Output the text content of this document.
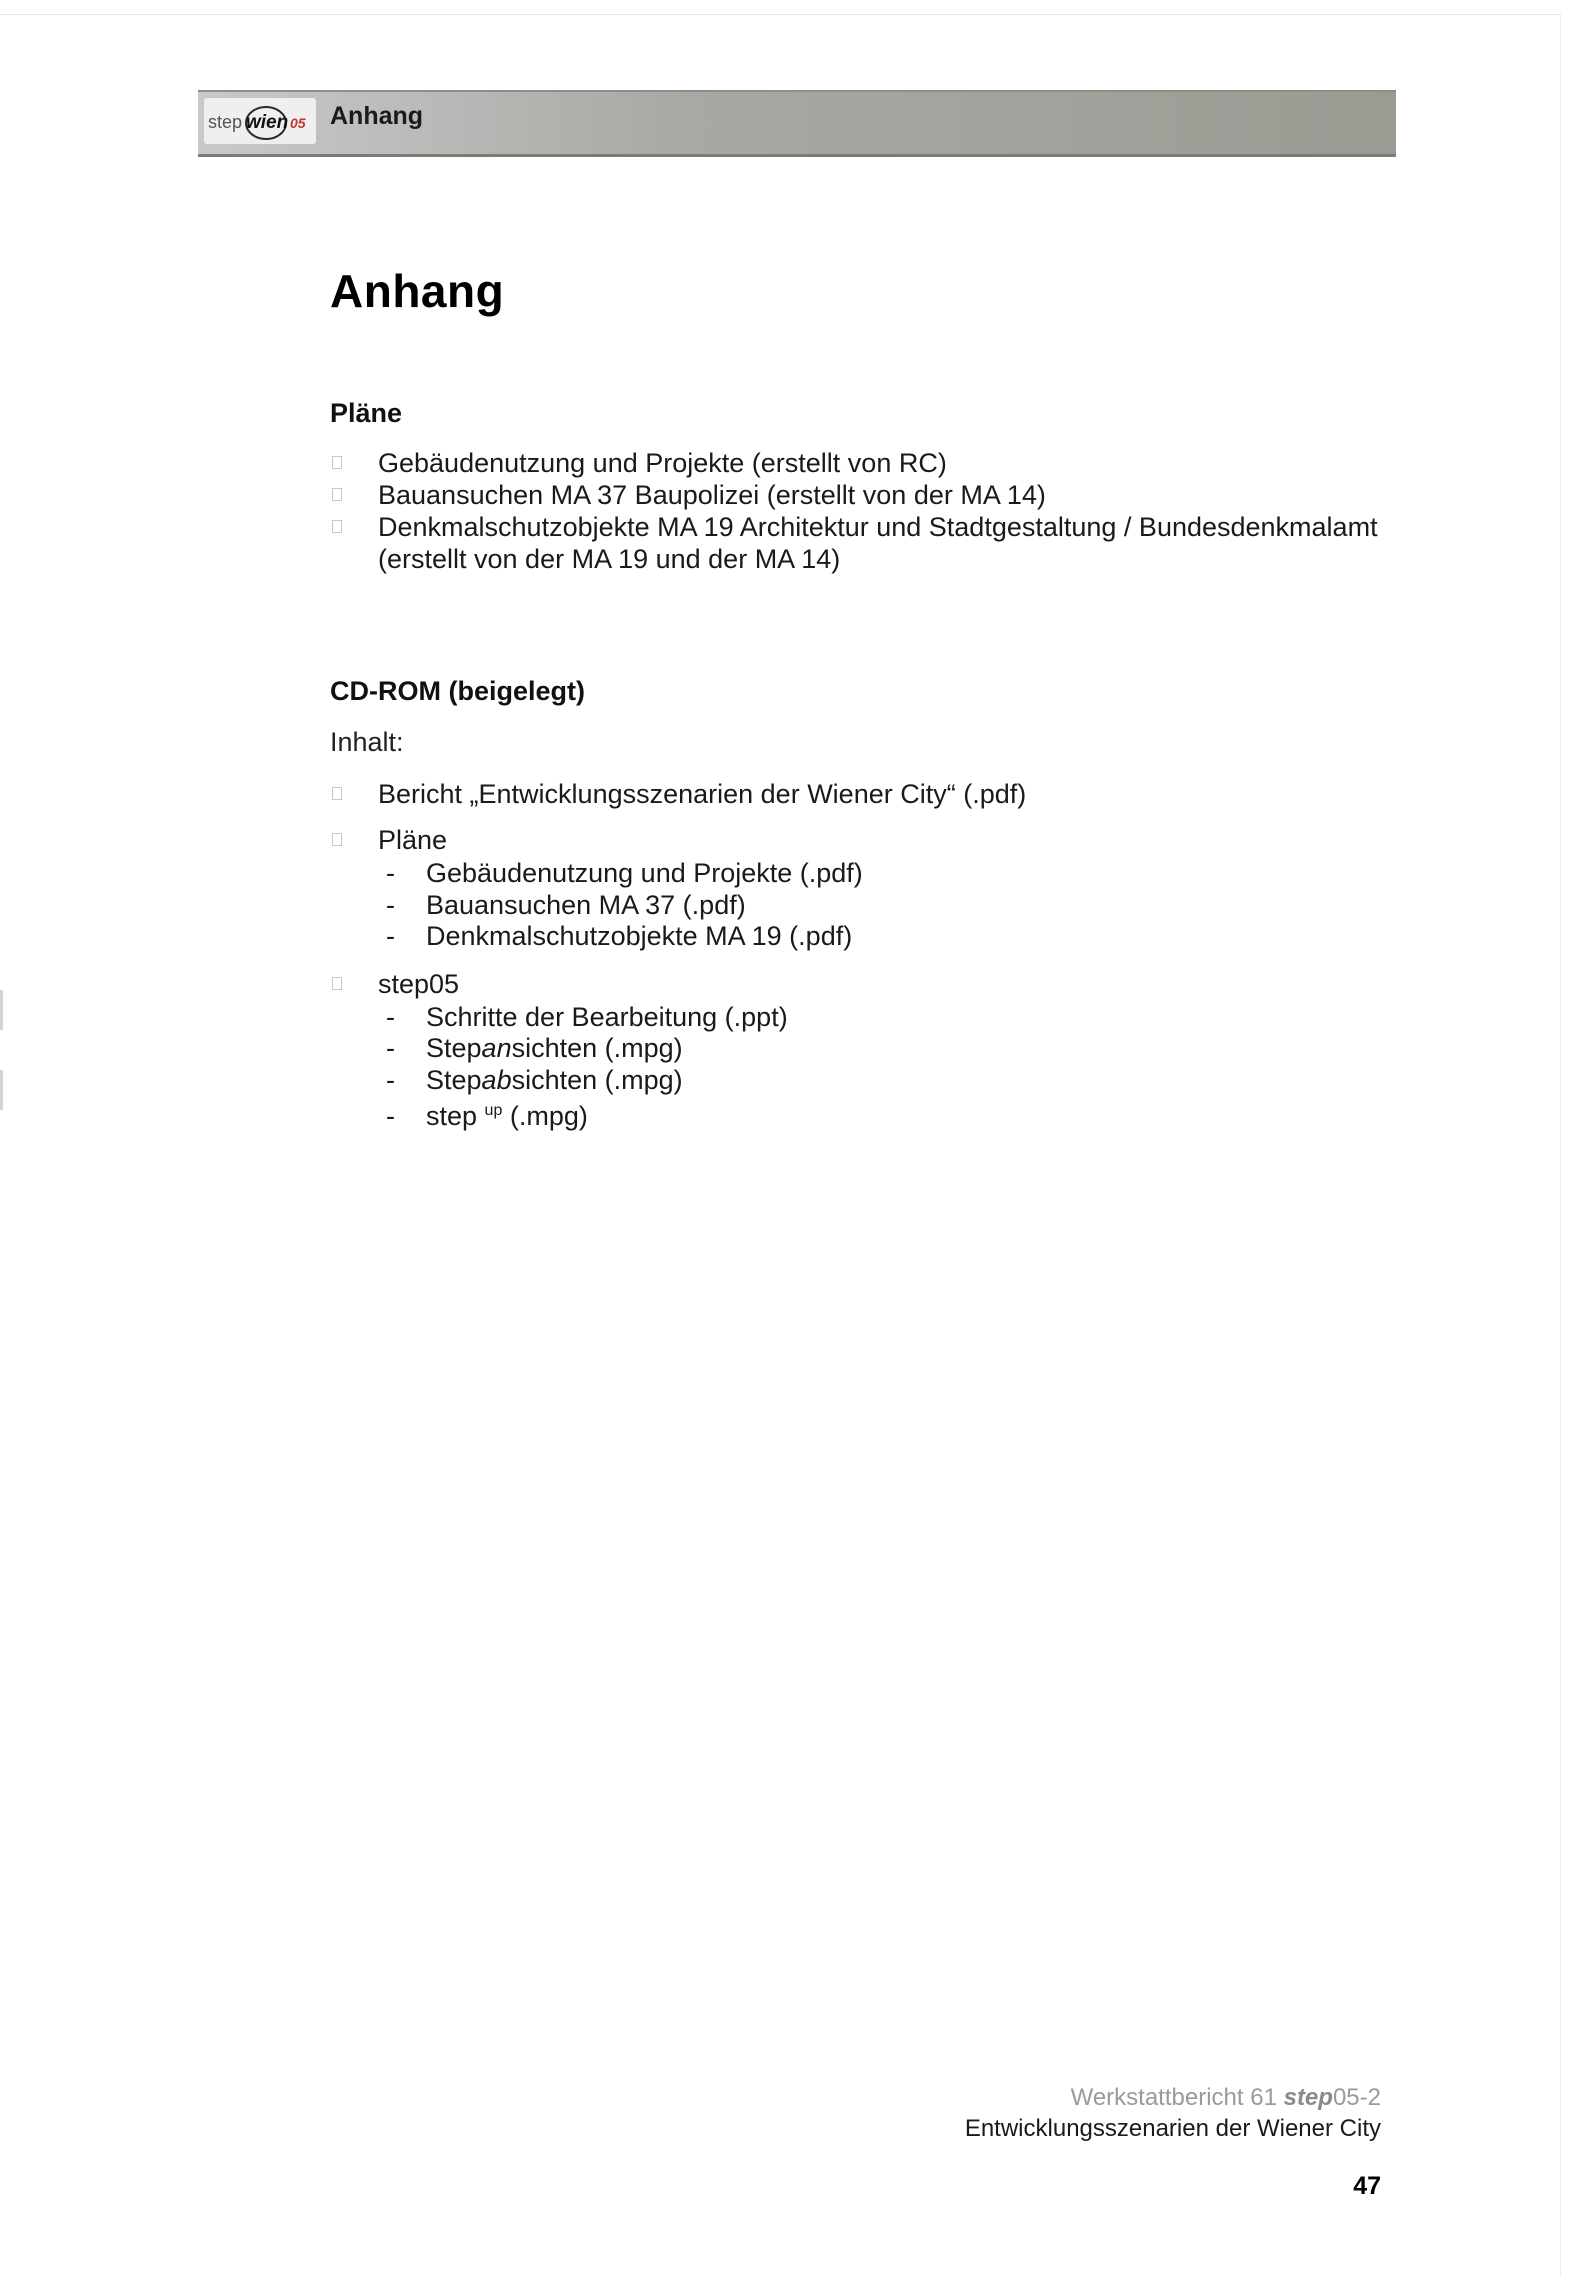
step wien 05 Anhang
Anhang
Pläne
Gebäudenutzung und Projekte (erstellt von RC)
Bauansuchen MA 37 Baupolizei (erstellt von der MA 14)
Denkmalschutzobjekte MA 19 Architektur und Stadtgestaltung / Bundesdenkmalamt
(erstellt von der MA 19 und der MA 14)
CD-ROM (beigelegt)
Inhalt:
Bericht „Entwicklungsszenarien der Wiener City“ (.pdf)
Pläne
- Gebäudenutzung und Projekte (.pdf)
- Bauansuchen MA 37 (.pdf)
- Denkmalschutzobjekte MA 19 (.pdf)
step05
- Schritte der Bearbeitung (.ppt)
- Stepansichten (.mpg)
- Stepabsichten (.mpg)
- step $^{up}$ (.mpg)
Werkstattbericht 61 step05-2
Entwicklungsszenarien der Wiener City
47
